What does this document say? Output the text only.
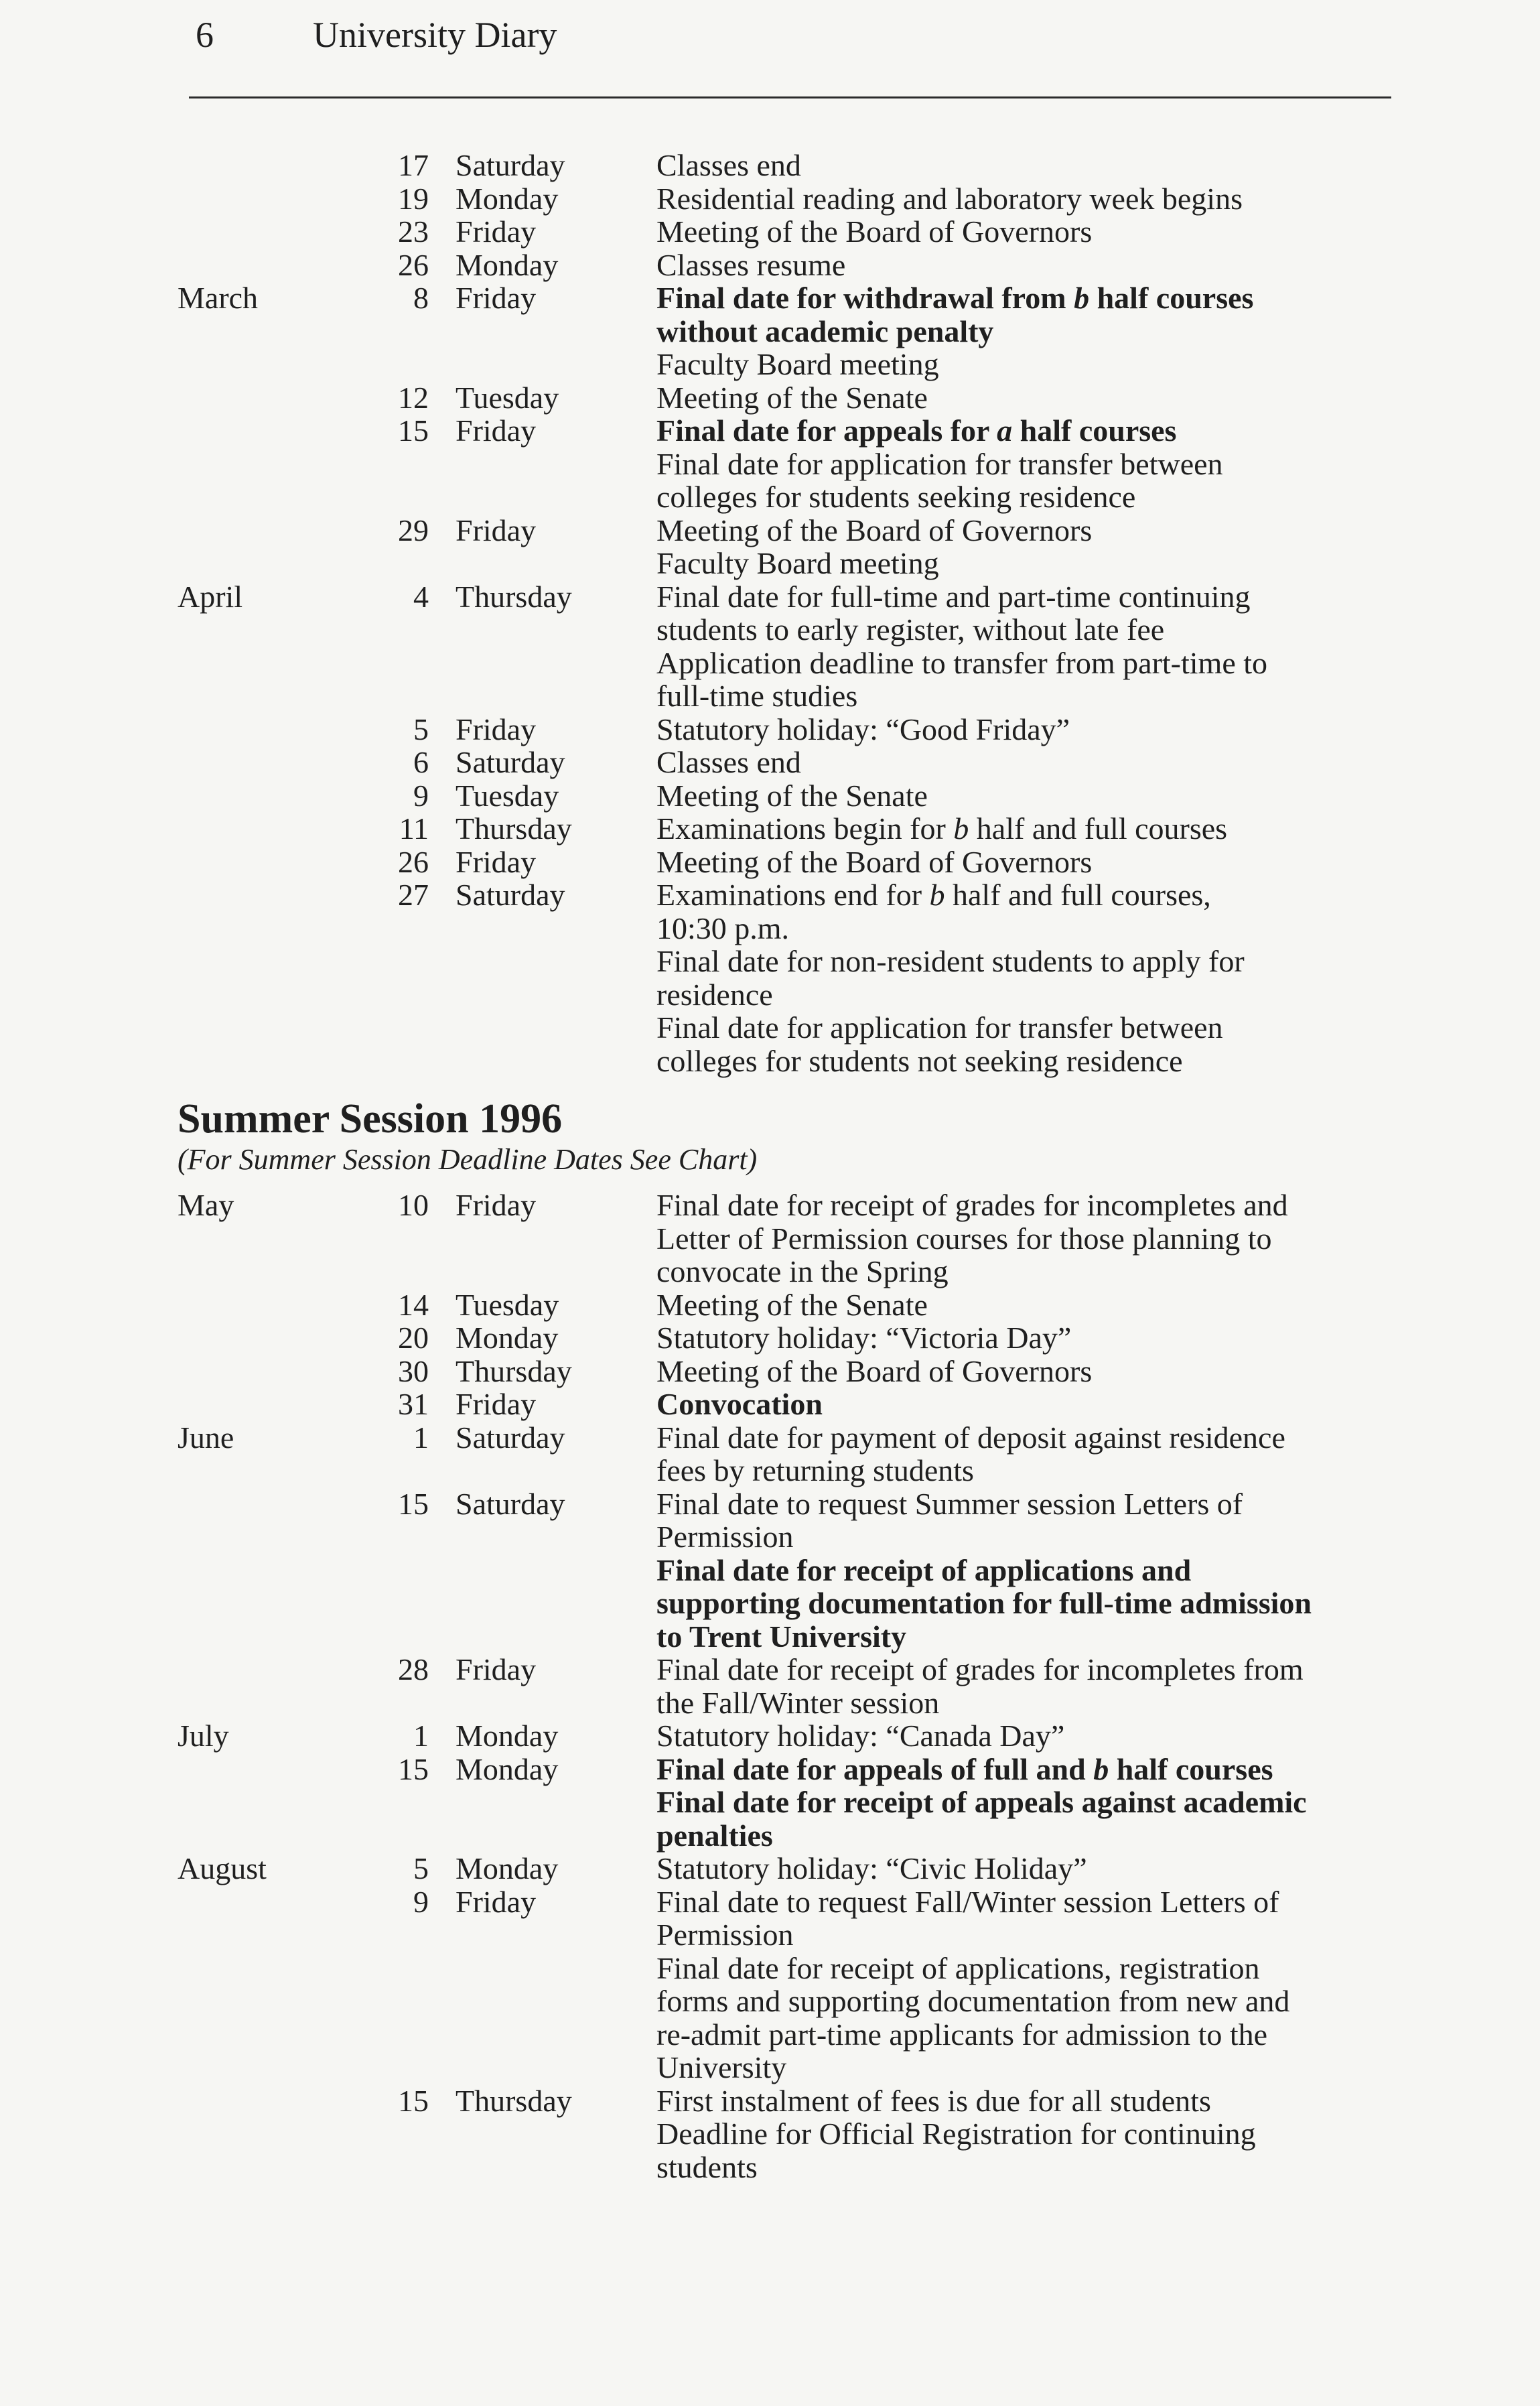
6	University Diary
17 Saturday	Classes end
19 Monday	Residential reading and laboratory week begins
23 Friday	Meeting of the Board of Governors
26 Monday	Classes resume
March	8 Friday	Final date for withdrawal from b half courses
without academic penalty
Faculty Board meeting
12 Tuesday	Meeting of the Senate
15 Friday	Final date for appeals for a half courses
Final date for application for transfer between
colleges for students seeking residence
29 Friday	Meeting of the Board of Governors
Faculty Board meeting
April	4 Thursday	Final date for full-time and part-time continuing
students to early register, without late fee
Application deadline to transfer from part-time to
full-time studies
5 Friday	Statutory holiday: “Good Friday”
6 Saturday	Classes end
9 Tuesday	Meeting of the Senate
11 Thursday	Examinations begin for b half and full courses
26 Friday	Meeting of the Board of Governors
27 Saturday	Examinations end for b half and full courses,
10:30 p.m.
Final date for non-resident students to apply for
residence
Final date for application for transfer between
colleges for students not seeking residence
Summer Session 1996
(For Summer Session Deadline Dates See Chart)
May	10 Friday	Final date for receipt of grades for incompletes and
Letter of Permission courses for those planning to
convocate in the Spring
14 Tuesday	Meeting of the Senate
20 Monday	Statutory holiday: “Victoria Day”
30 Thursday	Meeting of the Board of Governors
31 Friday	Convocation
June	1 Saturday	Final date for payment of deposit against residence
fees by returning students
15 Saturday	Final date to request Summer session Letters of
Permission
Final date for receipt of applications and
supporting documentation for full-time admission
to Trent University
28 Friday	Final date for receipt of grades for incompletes from
the Fall/Winter session
July	1 Monday	Statutory holiday: “Canada Day”
15 Monday	Final date for appeals of full and b half courses
Final date for receipt of appeals against academic
penalties
August	5 Monday	Statutory holiday: “Civic Holiday”
9 Friday	Final date to request Fall/Winter session Letters of
Permission
Final date for receipt of applications, registration
forms and supporting documentation from new and
re-admit part-time applicants for admission to the
University
15 Thursday	First instalment of fees is due for all students
Deadline for Official Registration for continuing
students
